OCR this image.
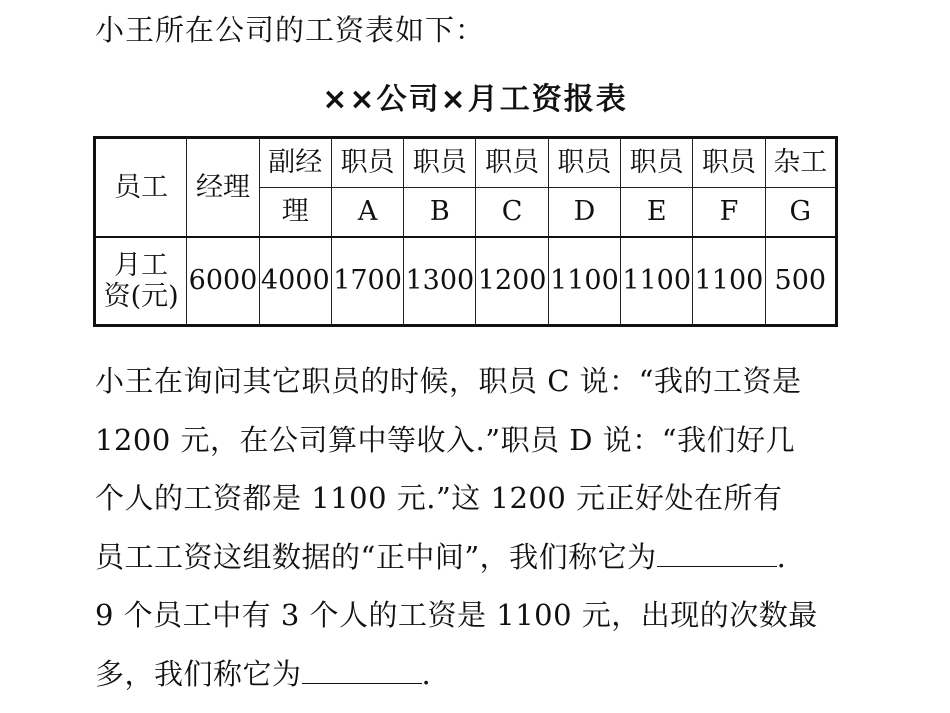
小王所在公司的工资表如下：
××公司×月工资报表
员工	经理	副经	职员	职员	职员	职员	职员	职员	杂工
		理	A	B	C	D	E	F	G

月工
资(元)	6000	4000	1700	1300	1200	1100	1100	1100	500

小王在询问其它职员的时候，职员 C 说：“我的工资是

1200 元，在公司算中等收入.”职员 D 说：“我们好几

个人的工资都是 1100 元.”这 1200 元正好处在所有

员工工资这组数据的“正中间”，我们称它为	.

9 个员工中有 3 个人的工资是 1100 元，出现的次数最

多，我们称它为	.
